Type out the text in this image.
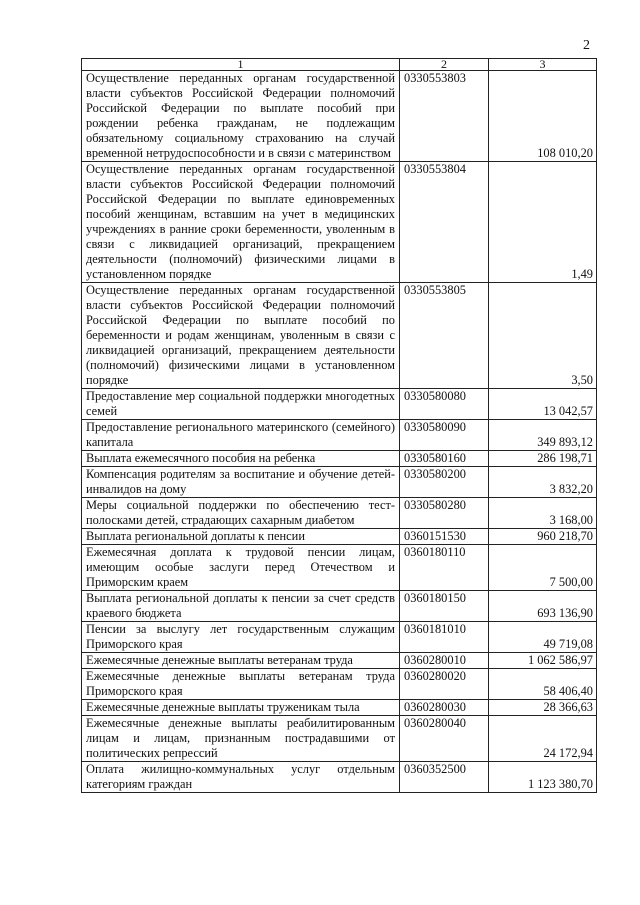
2
1	2	3
Осуществление переданных органам государственной власти субъектов Российской Федерации полномочий Российской Федерации по выплате пособий при рождении ребенка гражданам, не подлежащим обязательному социальному страхованию на случай временной нетрудоспособности и в связи с материнством	0330553803	108 010,20
Осуществление переданных органам государственной власти субъектов Российской Федерации полномочий Российской Федерации по выплате единовременных пособий женщинам, вставшим на учет в медицинских учреждениях в ранние сроки беременности, уволенным в связи с ликвидацией организаций, прекращением деятельности (полномочий) физическими лицами в установленном порядке	0330553804	1,49
Осуществление переданных органам государственной власти субъектов Российской Федерации полномочий Российской Федерации по выплате пособий по беременности и родам женщинам, уволенным в связи с ликвидацией организаций, прекращением деятельности (полномочий) физическими лицами в установленном порядке	0330553805	3,50
Предоставление мер социальной поддержки многодетных семей	0330580080	13 042,57
Предоставление регионального материнского (семейного) капитала	0330580090	349 893,12
Выплата ежемесячного пособия на ребенка	0330580160	286 198,71
Компенсация родителям за воспитание и обучение детей-инвалидов на дому	0330580200	3 832,20
Меры социальной поддержки по обеспечению тест-полосками детей, страдающих сахарным диабетом	0330580280	3 168,00
Выплата региональной доплаты к пенсии	0360151530	960 218,70
Ежемесячная доплата к трудовой пенсии лицам, имеющим особые заслуги перед Отечеством и Приморским краем	0360180110	7 500,00
Выплата региональной доплаты к пенсии за счет средств краевого бюджета	0360180150	693 136,90
Пенсии за выслугу лет государственным служащим Приморского края	0360181010	49 719,08
Ежемесячные денежные выплаты ветеранам труда	0360280010	1 062 586,97
Ежемесячные денежные выплаты ветеранам труда Приморского края	0360280020	58 406,40
Ежемесячные денежные выплаты труженикам тыла	0360280030	28 366,63
Ежемесячные денежные выплаты реабилитированным лицам и лицам, признанным пострадавшими от политических репрессий	0360280040	24 172,94
Оплата жилищно-коммунальных услуг отдельным категориям граждан	0360352500	1 123 380,70
